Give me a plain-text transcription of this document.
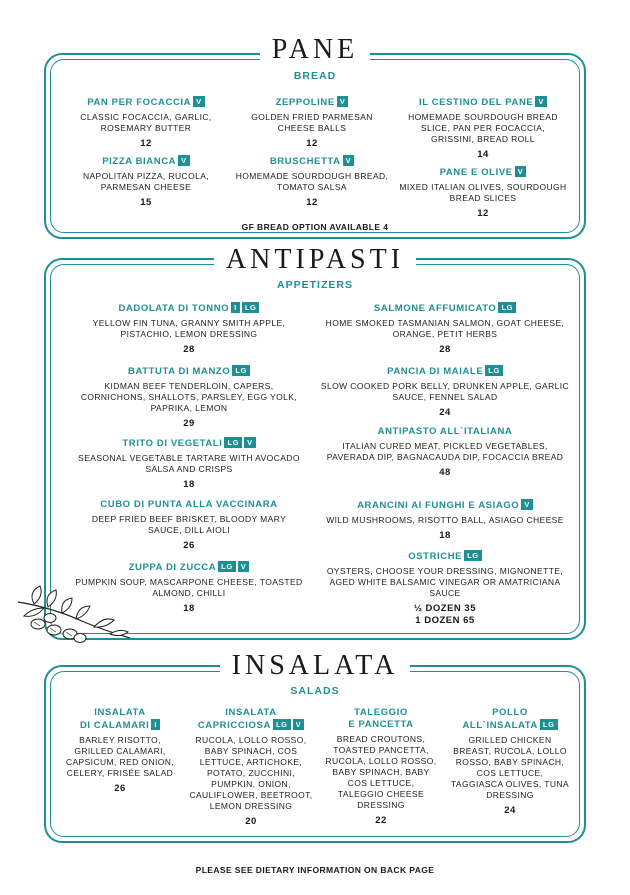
PANE
BREAD
PAN PER FOCACCIA V
CLASSIC FOCACCIA, GARLIC, ROSEMARY BUTTER
12
ZEPPOLINE V
GOLDEN FRIED PARMESAN CHEESE BALLS
12
IL CESTINO DEL PANE V
HOMEMADE SOURDOUGH BREAD SLICE, PAN PER FOCACCIA, GRISSINI, BREAD ROLL
14
PIZZA BIANCA V
NAPOLITAN PIZZA, RUCOLA, PARMESAN CHEESE
15
BRUSCHETTA V
HOMEMADE SOURDOUGH BREAD, TOMATO SALSA
12
PANE E OLIVE V
MIXED ITALIAN OLIVES, SOURDOUGH BREAD SLICES
12
GF BREAD OPTION AVAILABLE 4
ANTIPASTI
APPETIZERS
DADOLATA DI TONNO I LG
YELLOW FIN TUNA, GRANNY SMITH APPLE, PISTACHIO, LEMON DRESSING
28
BATTUTA DI MANZO LG
KIDMAN BEEF TENDERLOIN, CAPERS, CORNICHONS, SHALLOTS, PARSLEY, EGG YOLK, PAPRIKA, LEMON
29
TRITO DI VEGETALI LG V
SEASONAL VEGETABLE TARTARE WITH AVOCADO SALSA AND CRISPS
18
CUBO DI PUNTA ALLA VACCINARA
DEEP FRIED BEEF BRISKET, BLOODY MARY SAUCE, DILL AIOLI
26
ZUPPA DI ZUCCA LG V
PUMPKIN SOUP, MASCARPONE CHEESE, TOASTED ALMOND, CHILLI
18
SALMONE AFFUMICATO LG
HOME SMOKED TASMANIAN SALMON, GOAT CHEESE, ORANGE, PETIT HERBS
28
PANCIA DI MAIALE LG
SLOW COOKED PORK BELLY, DRUNKEN APPLE, GARLIC SAUCE, FENNEL SALAD
24
ANTIPASTO ALL`ITALIANA
ITALIAN CURED MEAT, PICKLED VEGETABLES, PAVERADA DIP, BAGNACAUDA DIP, FOCACCIA BREAD
48
ARANCINI AI FUNGHI E ASIAGO V
WILD MUSHROOMS, RISOTTO BALL, ASIAGO CHEESE
18
OSTRICHE LG
OYSTERS, CHOOSE YOUR DRESSING, MIGNONETTE, AGED WHITE BALSAMIC VINEGAR OR AMATRICIANA SAUCE
½ DOZEN 35
1 DOZEN 65
INSALATA
SALADS
INSALATA
DI CALAMARI I
BARLEY RISOTTO, GRILLED CALAMARI, CAPSICUM, RED ONION, CELERY, FRISÉE SALAD
26
INSALATA
CAPRICCIOSA LG V
RUCOLA, LOLLO ROSSO, BABY SPINACH, COS LETTUCE, ARTICHOKE, POTATO, ZUCCHINI, PUMPKIN, ONION, CAULIFLOWER, BEETROOT, LEMON DRESSING
20
TALEGGIO
E PANCETTA
BREAD CROUTONS, TOASTED PANCETTA, RUCOLA, LOLLO ROSSO, BABY SPINACH, BABY COS LETTUCE, TALEGGIO CHEESE DRESSING
22
POLLO
ALL`INSALATA LG
GRILLED CHICKEN BREAST, RUCOLA, LOLLO ROSSO, BABY SPINACH, COS LETTUCE, TAGGIASCA OLIVES, TUNA DRESSING
24
PLEASE SEE DIETARY INFORMATION ON BACK PAGE
